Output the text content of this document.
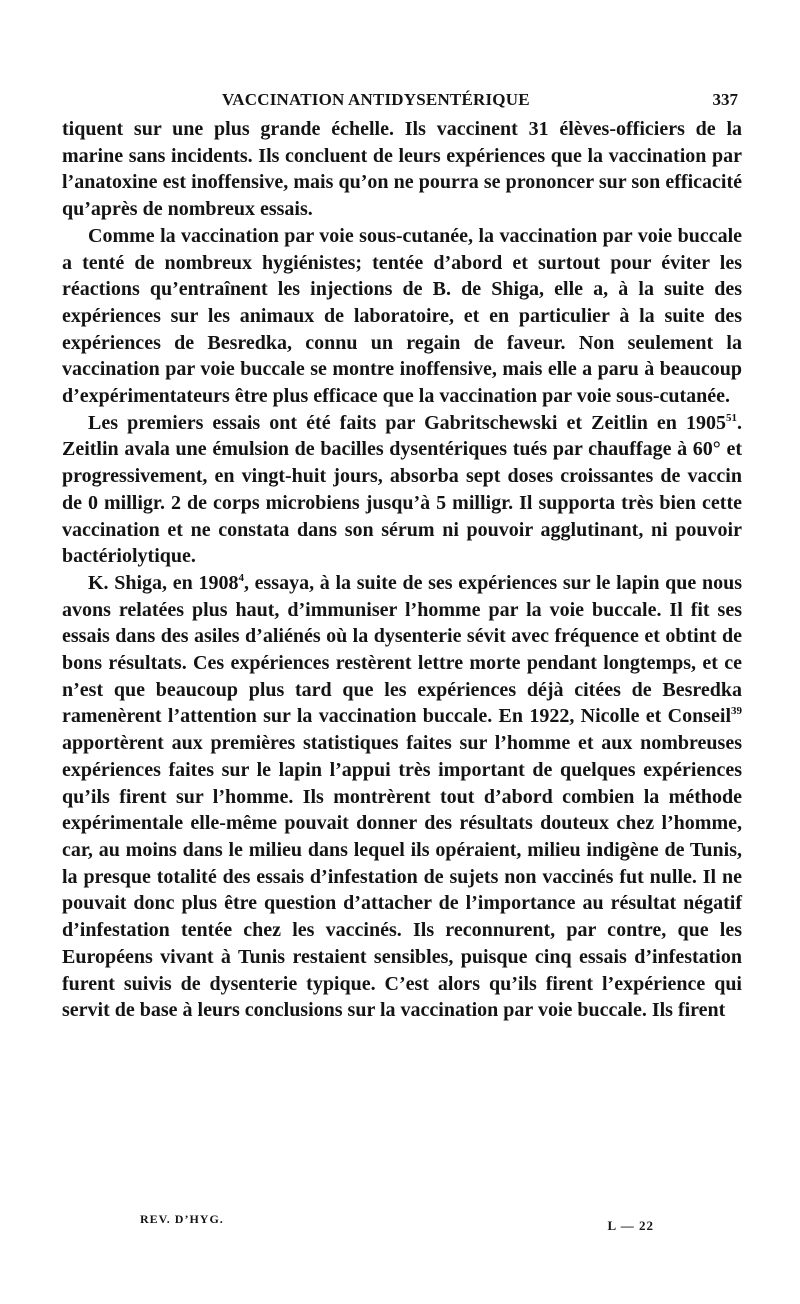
VACCINATION ANTIDYSENTÉRIQUE	337

tiquent sur une plus grande échelle. Ils vaccinent 31 élèves-officiers de la marine sans incidents. Ils concluent de leurs expériences que la vaccination par l’anatoxine est inoffensive, mais qu’on ne pourra se prononcer sur son efficacité qu’après de nombreux essais.

Comme la vaccination par voie sous-cutanée, la vaccination par voie buccale a tenté de nombreux hygiénistes; tentée d’abord et surtout pour éviter les réactions qu’entraînent les injections de B. de Shiga, elle a, à la suite des expériences sur les animaux de laboratoire, et en particulier à la suite des expériences de Besredka, connu un regain de faveur. Non seulement la vaccination par voie buccale se montre inoffensive, mais elle a paru à beaucoup d’expérimentateurs être plus efficace que la vaccination par voie sous-cutanée.

Les premiers essais ont été faits par Gabritschewski et Zeitlin en 1905$^{51}$. Zeitlin avala une émulsion de bacilles dysentériques tués par chauffage à 60° et progressivement, en vingt-huit jours, absorba sept doses croissantes de vaccin de 0 milligr. 2 de corps microbiens jusqu’à 5 milligr. Il supporta très bien cette vaccination et ne constata dans son sérum ni pouvoir agglutinant, ni pouvoir bactériolytique.

K. Shiga, en 1908$^4$, essaya, à la suite de ses expériences sur le lapin que nous avons relatées plus haut, d’immuniser l’homme par la voie buccale. Il fit ses essais dans des asiles d’aliénés où la dysenterie sévit avec fréquence et obtint de bons résultats. Ces expériences restèrent lettre morte pendant longtemps, et ce n’est que beaucoup plus tard que les expériences déjà citées de Besredka ramenèrent l’attention sur la vaccination buccale. En 1922, Nicolle et Conseil$^{39}$ apportèrent aux premières statistiques faites sur l’homme et aux nombreuses expériences faites sur le lapin l’appui très important de quelques expériences qu’ils firent sur l’homme. Ils montrèrent tout d’abord combien la méthode expérimentale elle-même pouvait donner des résultats douteux chez l’homme, car, au moins dans le milieu dans lequel ils opéraient, milieu indigène de Tunis, la presque totalité des essais d’infestation de sujets non vaccinés fut nulle. Il ne pouvait donc plus être question d’attacher de l’importance au résultat négatif d’infestation tentée chez les vaccinés. Ils reconnurent, par contre, que les Européens vivant à Tunis restaient sensibles, puisque cinq essais d’infestation furent suivis de dysenterie typique. C’est alors qu’ils firent l’expérience qui servit de base à leurs conclusions sur la vaccination par voie buccale. Ils firent

REV. D’HYG.	L — 22
